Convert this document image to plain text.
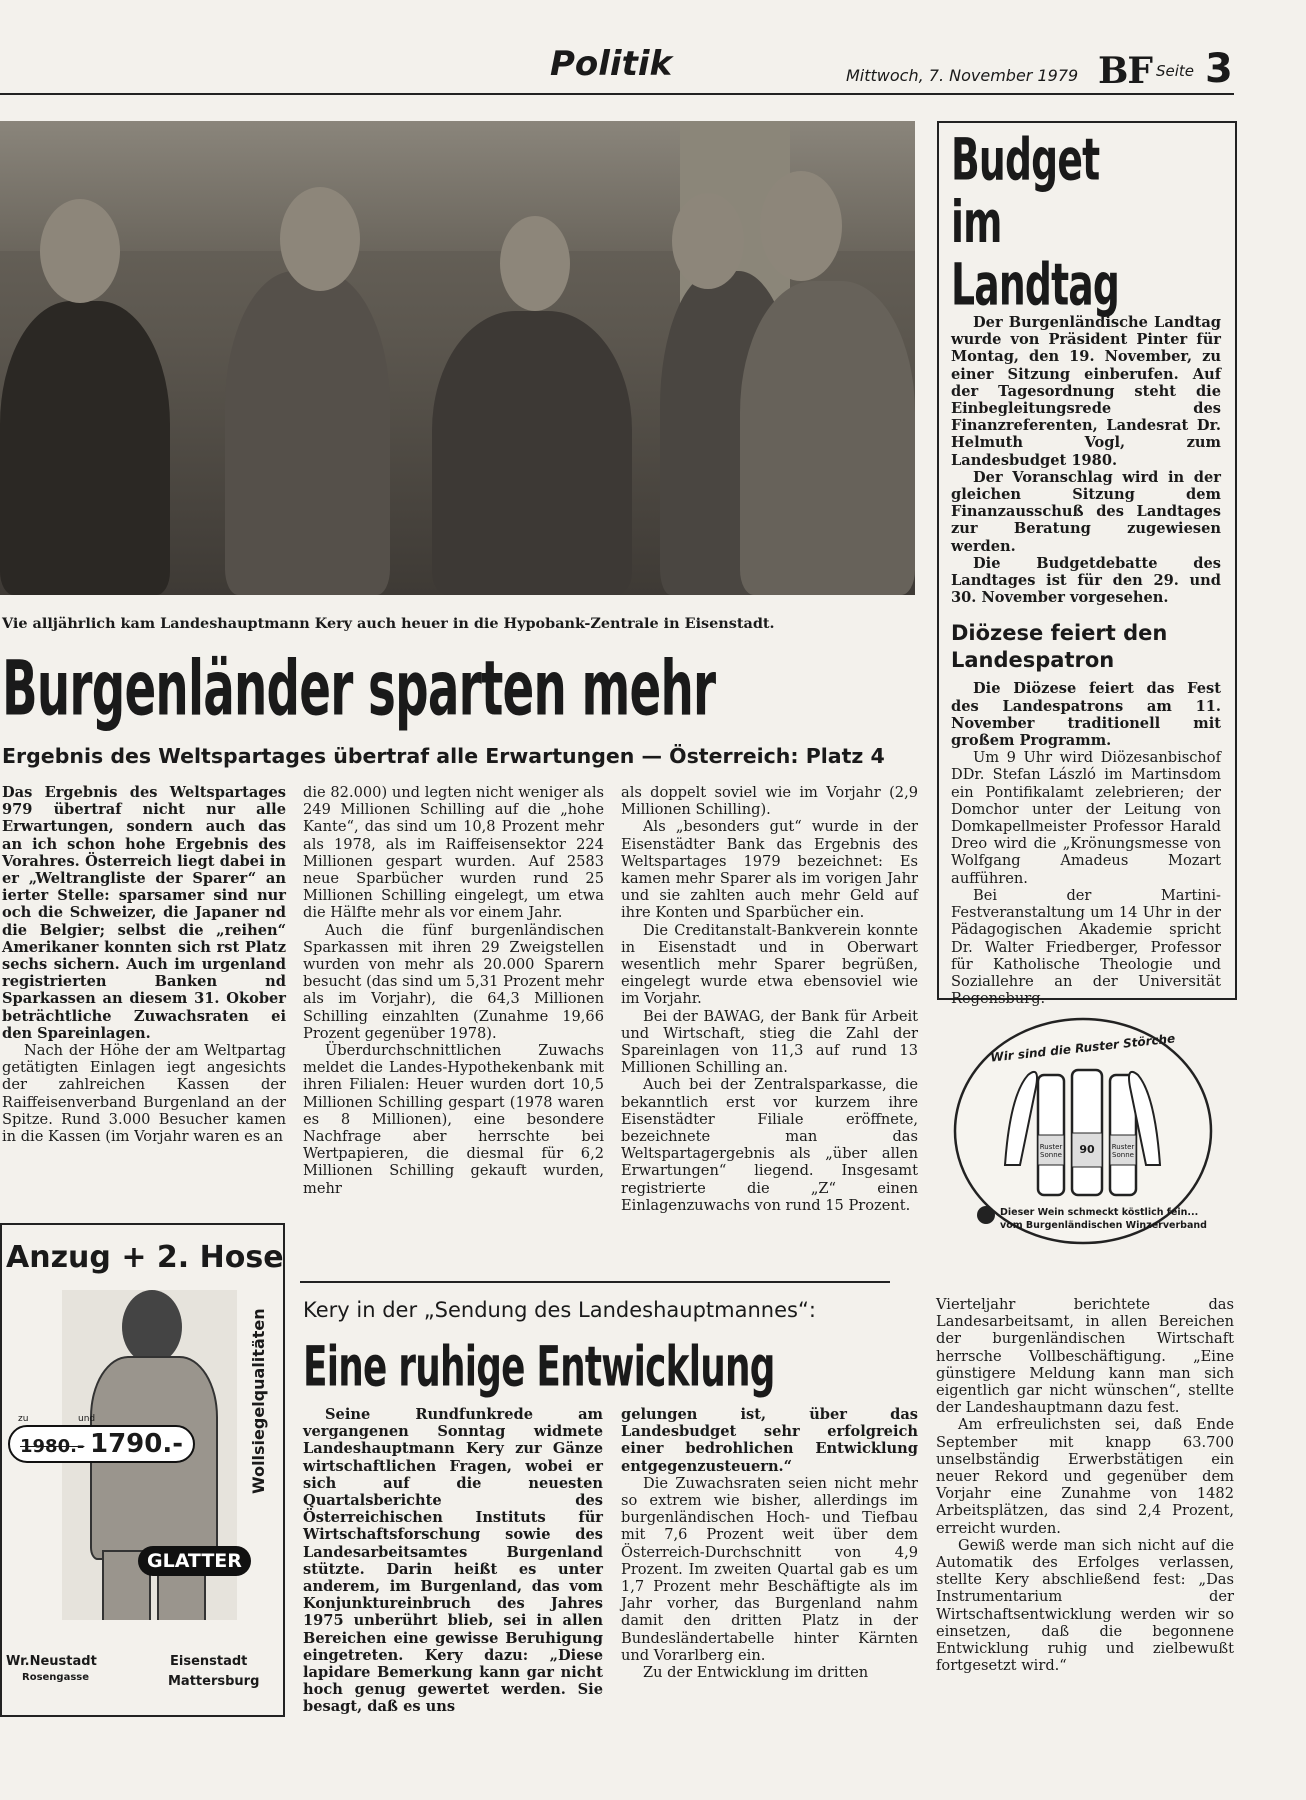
Politik	Mittwoch, 7. November 1979 BF Seite 3
Vie alljährlich kam Landeshauptmann Kery auch heuer in die Hypobank-Zentrale in Eisenstadt.
Burgenländer sparten mehr
Ergebnis des Weltspartages übertraf alle Erwartungen — Österreich: Platz 4

Das Ergebnis des Weltspartages 979 übertraf nicht nur alle Erwartungen, sondern auch das an ich schon hohe Ergebnis des Vorahres. Österreich liegt dabei in er „Weltrangliste der Sparer“ an ierter Stelle: sparsamer sind nur och die Schweizer, die Japaner nd die Belgier; selbst die „reihen“ Amerikaner konnten sich rst Platz sechs sichern. Auch im urgenland registrierten Banken nd Sparkassen an diesem 31. Okober beträchtliche Zuwachsraten ei den Spareinlagen.

Nach der Höhe der am Weltpartag getätigten Einlagen iegt angesichts der zahlreichen Kassen der Raiffeisenverband Burgenland an der Spitze. Rund 3.000 Besucher kamen in die Kassen (im Vorjahr waren es an

die 82.000) und legten nicht weniger als 249 Millionen Schilling auf die „hohe Kante“, das sind um 10,8 Prozent mehr als 1978, als im Raiffeisensektor 224 Millionen gespart wurden. Auf 2583 neue Sparbücher wurden rund 25 Millionen Schilling eingelegt, um etwa die Hälfte mehr als vor einem Jahr.

Auch die fünf burgenländischen Sparkassen mit ihren 29 Zweigstellen wurden von mehr als 20.000 Sparern besucht (das sind um 5,31 Prozent mehr als im Vorjahr), die 64,3 Millionen Schilling einzahlten (Zunahme 19,66 Prozent gegenüber 1978).

Überdurchschnittlichen Zuwachs meldet die Landes-Hypothekenbank mit ihren Filialen: Heuer wurden dort 10,5 Millionen Schilling gespart (1978 waren es 8 Millionen), eine besondere Nachfrage aber herrschte bei Wertpapieren, die diesmal für 6,2 Millionen Schilling gekauft wurden, mehr

als doppelt soviel wie im Vorjahr (2,9 Millionen Schilling).

Als „besonders gut“ wurde in der Eisenstädter Bank das Ergebnis des Weltspartages 1979 bezeichnet: Es kamen mehr Sparer als im vorigen Jahr und sie zahlten auch mehr Geld auf ihre Konten und Sparbücher ein.

Die Creditanstalt-Bankverein konnte in Eisenstadt und in Oberwart wesentlich mehr Sparer begrüßen, eingelegt wurde etwa ebensoviel wie im Vorjahr.

Bei der BAWAG, der Bank für Arbeit und Wirtschaft, stieg die Zahl der Spareinlagen von 11,3 auf rund 13 Millionen Schilling an.

Auch bei der Zentralsparkasse, die bekanntlich erst vor kurzem ihre Eisenstädter Filiale eröffnete, bezeichnete man das Weltspartagergebnis als „über allen Erwartungen“ liegend. Insgesamt registrierte die „Z“ einen Einlagenzuwachs von rund 15 Prozent.

Budget im Landtag

Der Burgenländische Landtag wurde von Präsident Pinter für Montag, den 19. November, zu einer Sitzung einberufen. Auf der Tagesordnung steht die Einbegleitungsrede des Finanzreferenten, Landesrat Dr. Helmuth Vogl, zum Landesbudget 1980.

Der Voranschlag wird in der gleichen Sitzung dem Finanzausschuß des Landtages zur Beratung zugewiesen werden.

Die Budgetdebatte des Landtages ist für den 29. und 30. November vorgesehen.

Diözese feiert den Landespatron

Die Diözese feiert das Fest des Landespatrons am 11. November traditionell mit großem Programm.

Um 9 Uhr wird Diözesanbischof DDr. Stefan László im Martinsdom ein Pontifikalamt zelebrieren; der Domchor unter der Leitung von Domkapellmeister Professor Harald Dreo wird die „Krönungsmesse von Wolfgang Amadeus Mozart aufführen.

Bei der Martini-Festveranstaltung um 14 Uhr in der Pädagogischen Akademie spricht Dr. Walter Friedberger, Professor für Katholische Theologie und Soziallehre an der Universität Regensburg.

Wir sind die Ruster Störche
Ruster Sonne	90	Ruster Sonne
Dieser Wein schmeckt köstlich fein...
vom Burgenländischen Winzerverband
Anzug + 2. Hose
Wollsiegelqualitäten
zu	und
1980.- 1790.-
GLATTER
Wr.Neustadt
Rosengasse
Eisenstadt
Mattersburg
Kery in der „Sendung des Landeshauptmannes“:
Eine ruhige Entwicklung

Seine Rundfunkrede am vergangenen Sonntag widmete Landeshauptmann Kery zur Gänze wirtschaftlichen Fragen, wobei er sich auf die neuesten Quartalsberichte des Österreichischen Instituts für Wirtschaftsforschung sowie des Landesarbeitsamtes Burgenland stützte. Darin heißt es unter anderem, im Burgenland, das vom Konjunktureinbruch des Jahres 1975 unberührt blieb, sei in allen Bereichen eine gewisse Beruhigung eingetreten. Kery dazu: „Diese lapidare Bemerkung kann gar nicht hoch genug gewertet werden. Sie besagt, daß es uns

gelungen ist, über das Landesbudget sehr erfolgreich einer bedrohlichen Entwicklung entgegenzusteuern.“

Die Zuwachsraten seien nicht mehr so extrem wie bisher, allerdings im burgenländischen Hoch- und Tiefbau mit 7,6 Prozent weit über dem Österreich-Durchschnitt von 4,9 Prozent. Im zweiten Quartal gab es um 1,7 Prozent mehr Beschäftigte als im Jahr vorher, das Burgenland nahm damit den dritten Platz in der Bundesländertabelle hinter Kärnten und Vorarlberg ein.

Zu der Entwicklung im dritten

Vierteljahr berichtete das Landesarbeitsamt, in allen Bereichen der burgenländischen Wirtschaft herrsche Vollbeschäftigung. „Eine günstigere Meldung kann man sich eigentlich gar nicht wünschen“, stellte der Landeshauptmann dazu fest.

Am erfreulichsten sei, daß Ende September mit knapp 63.700 unselbständig Erwerbstätigen ein neuer Rekord und gegenüber dem Vorjahr eine Zunahme von 1482 Arbeitsplätzen, das sind 2,4 Prozent, erreicht wurden.

Gewiß werde man sich nicht auf die Automatik des Erfolges verlassen, stellte Kery abschließend fest: „Das Instrumentarium der Wirtschaftsentwicklung werden wir so einsetzen, daß die begonnene Entwicklung ruhig und zielbewußt fortgesetzt wird.“
